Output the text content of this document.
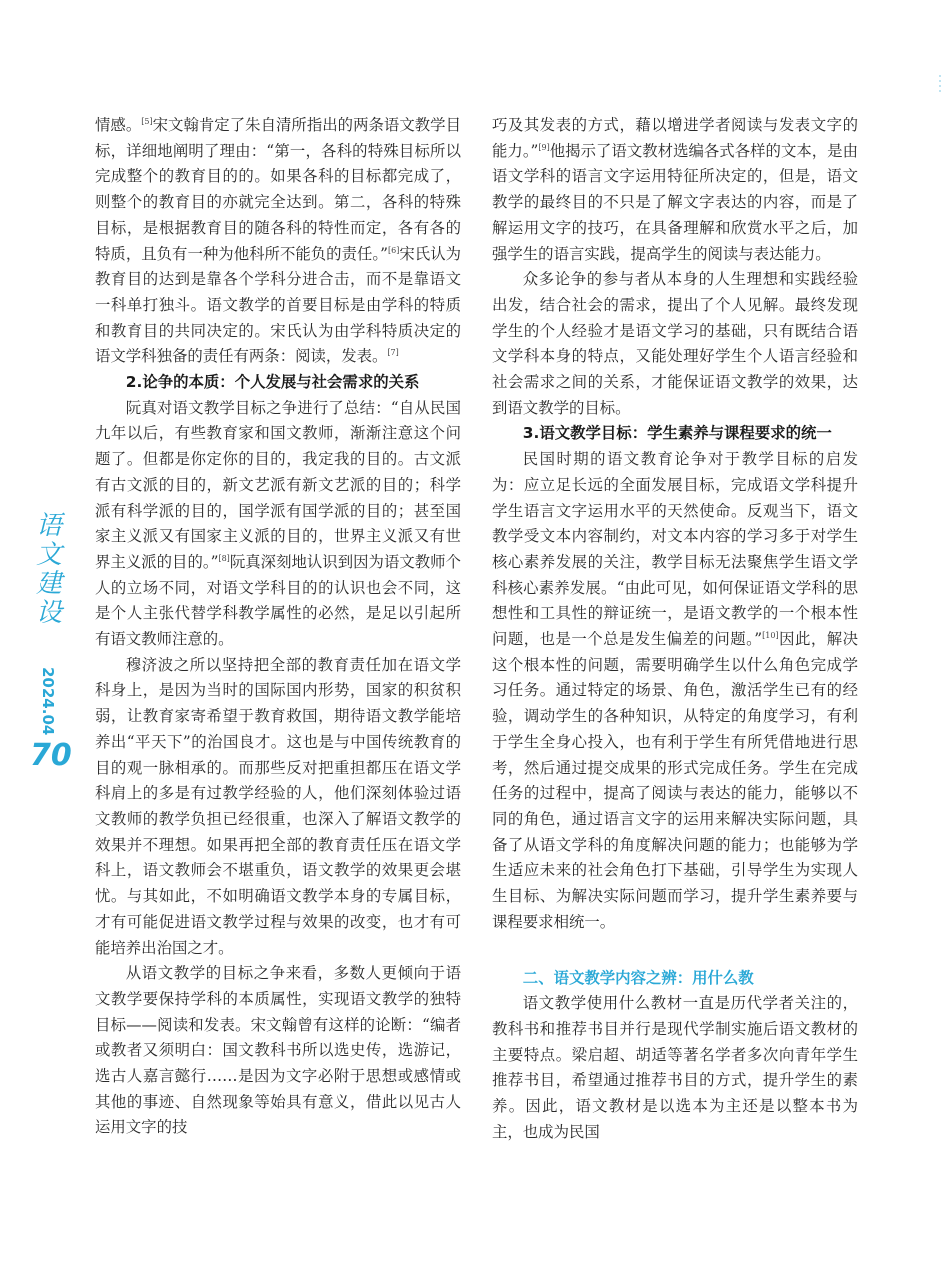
语文建设
2024.04
70

情感。[5]宋文翰肯定了朱自清所指出的两条语文教学目标，详细地阐明了理由：“第一，各科的特殊目标所以完成整个的教育目的的。如果各科的目标都完成了，则整个的教育目的亦就完全达到。第二，各科的特殊目标，是根据教育目的随各科的特性而定，各有各的特质，且负有一种为他科所不能负的责任。”[6]宋氏认为教育目的达到是靠各个学科分进合击，而不是靠语文一科单打独斗。语文教学的首要目标是由学科的特质和教育目的共同决定的。宋氏认为由学科特质决定的语文学科独备的责任有两条：阅读，发表。[7]

2.论争的本质：个人发展与社会需求的关系

阮真对语文教学目标之争进行了总结：“自从民国九年以后，有些教育家和国文教师，渐渐注意这个问题了。但都是你定你的目的，我定我的目的。古文派有古文派的目的，新文艺派有新文艺派的目的；科学派有科学派的目的，国学派有国学派的目的；甚至国家主义派又有国家主义派的目的，世界主义派又有世界主义派的目的。”[8]阮真深刻地认识到因为语文教师个人的立场不同，对语文学科目的的认识也会不同，这是个人主张代替学科教学属性的必然，是足以引起所有语文教师注意的。

穆济波之所以坚持把全部的教育责任加在语文学科身上，是因为当时的国际国内形势，国家的积贫积弱，让教育家寄希望于教育救国，期待语文教学能培养出“平天下”的治国良才。这也是与中国传统教育的目的观一脉相承的。而那些反对把重担都压在语文学科肩上的多是有过教学经验的人，他们深刻体验过语文教师的教学负担已经很重，也深入了解语文教学的效果并不理想。如果再把全部的教育责任压在语文学科上，语文教师会不堪重负，语文教学的效果更会堪忧。与其如此，不如明确语文教学本身的专属目标，才有可能促进语文教学过程与效果的改变，也才有可能培养出治国之才。

从语文教学的目标之争来看，多数人更倾向于语文教学要保持学科的本质属性，实现语文教学的独特目标——阅读和发表。宋文翰曾有这样的论断：“编者或教者又须明白：国文教科书所以选史传，选游记，选古人嘉言懿行……是因为文字必附于思想或感情或其他的事迹、自然现象等始具有意义，借此以见古人运用文字的技

巧及其发表的方式，藉以增进学者阅读与发表文字的能力。”[9]他揭示了语文教材选编各式各样的文本，是由语文学科的语言文字运用特征所决定的，但是，语文教学的最终目的不只是了解文字表达的内容，而是了解运用文字的技巧，在具备理解和欣赏水平之后，加强学生的语言实践，提高学生的阅读与表达能力。

众多论争的参与者从本身的人生理想和实践经验出发，结合社会的需求，提出了个人见解。最终发现学生的个人经验才是语文学习的基础，只有既结合语文学科本身的特点，又能处理好学生个人语言经验和社会需求之间的关系，才能保证语文教学的效果，达到语文教学的目标。

3.语文教学目标：学生素养与课程要求的统一

民国时期的语文教育论争对于教学目标的启发为：应立足长远的全面发展目标，完成语文学科提升学生语言文字运用水平的天然使命。反观当下，语文教学受文本内容制约，对文本内容的学习多于对学生核心素养发展的关注，教学目标无法聚焦学生语文学科核心素养发展。“由此可见，如何保证语文学科的思想性和工具性的辩证统一，是语文教学的一个根本性问题，也是一个总是发生偏差的问题。”[10]因此，解决这个根本性的问题，需要明确学生以什么角色完成学习任务。通过特定的场景、角色，激活学生已有的经验，调动学生的各种知识，从特定的角度学习，有利于学生全身心投入，也有利于学生有所凭借地进行思考，然后通过提交成果的形式完成任务。学生在完成任务的过程中，提高了阅读与表达的能力，能够以不同的角色，通过语言文字的运用来解决实际问题，具备了从语文学科的角度解决问题的能力；也能够为学生适应未来的社会角色打下基础，引导学生为实现人生目标、为解决实际问题而学习，提升学生素养要与课程要求相统一。

二、语文教学内容之辨：用什么教

语文教学使用什么教材一直是历代学者关注的，教科书和推荐书目并行是现代学制实施后语文教材的主要特点。梁启超、胡适等著名学者多次向青年学生推荐书目，希望通过推荐书目的方式，提升学生的素养。因此，语文教材是以选本为主还是以整本书为主，也成为民国
